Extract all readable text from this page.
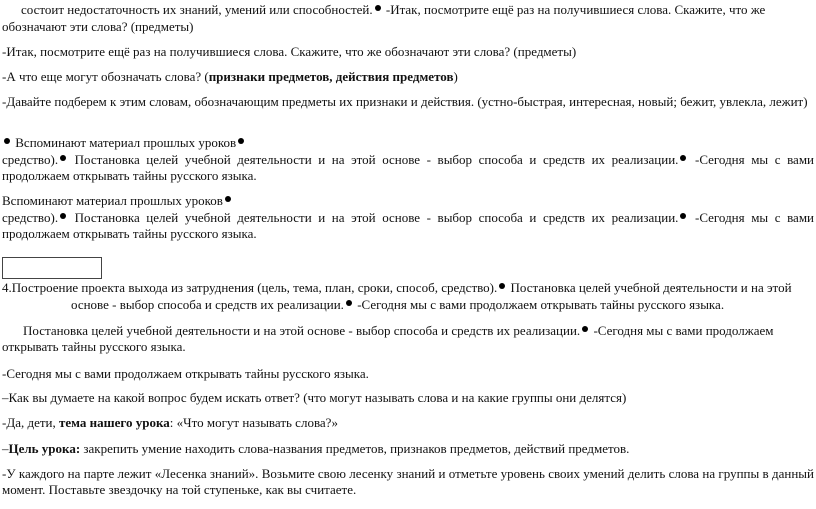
состоит недостаточность их знаний, умений или способностей. -Итак, посмотрите ещё раз на получившиеся слова. Скажите, что же
обозначают эти слова? (предметы)
-Итак, посмотрите ещё раз на получившиеся слова. Скажите, что же обозначают эти слова? (предметы)
-А что еще могут обозначать слова? (признаки предметов, действия предметов)
-Давайте подберем к этим словам, обозначающим предметы их признаки и действия. (устно-быстрая, интересная, новый; бежит, увлекла, лежит)
Вспоминают материал прошлых уроков
средство). Постановка целей учебной деятельности и на этой основе - выбор способа и средств их реализации. -Сегодня мы с вами продолжаем открывать тайны русского языка.
Вспоминают материал прошлых уроков
средство). Постановка целей учебной деятельности и на этой основе - выбор способа и средств их реализации. -Сегодня мы с вами продолжаем открывать тайны русского языка.
4.Построение проекта выхода из затруднения (цель, тема, план, сроки, способ, средство). Постановка целей учебной деятельности и на этой
основе - выбор способа и средств их реализации. -Сегодня мы с вами продолжаем открывать тайны русского языка.
Постановка целей учебной деятельности и на этой основе - выбор способа и средств их реализации. -Сегодня мы с вами продолжаем открывать тайны русского языка.
-Сегодня мы с вами продолжаем открывать тайны русского языка.
–Как вы думаете на какой вопрос будем искать ответ? (что могут называть слова и на какие группы они делятся)
-Да, дети, тема нашего урока: «Что могут называть слова?»
–Цель урока: закрепить умение находить слова-названия предметов, признаков предметов, действий предметов.
-У каждого на парте лежит «Лесенка знаний». Возьмите свою лесенку знаний и отметьте уровень своих умений делить слова на группы в данный момент. Поставьте звездочку на той ступеньке, как вы считаете.
